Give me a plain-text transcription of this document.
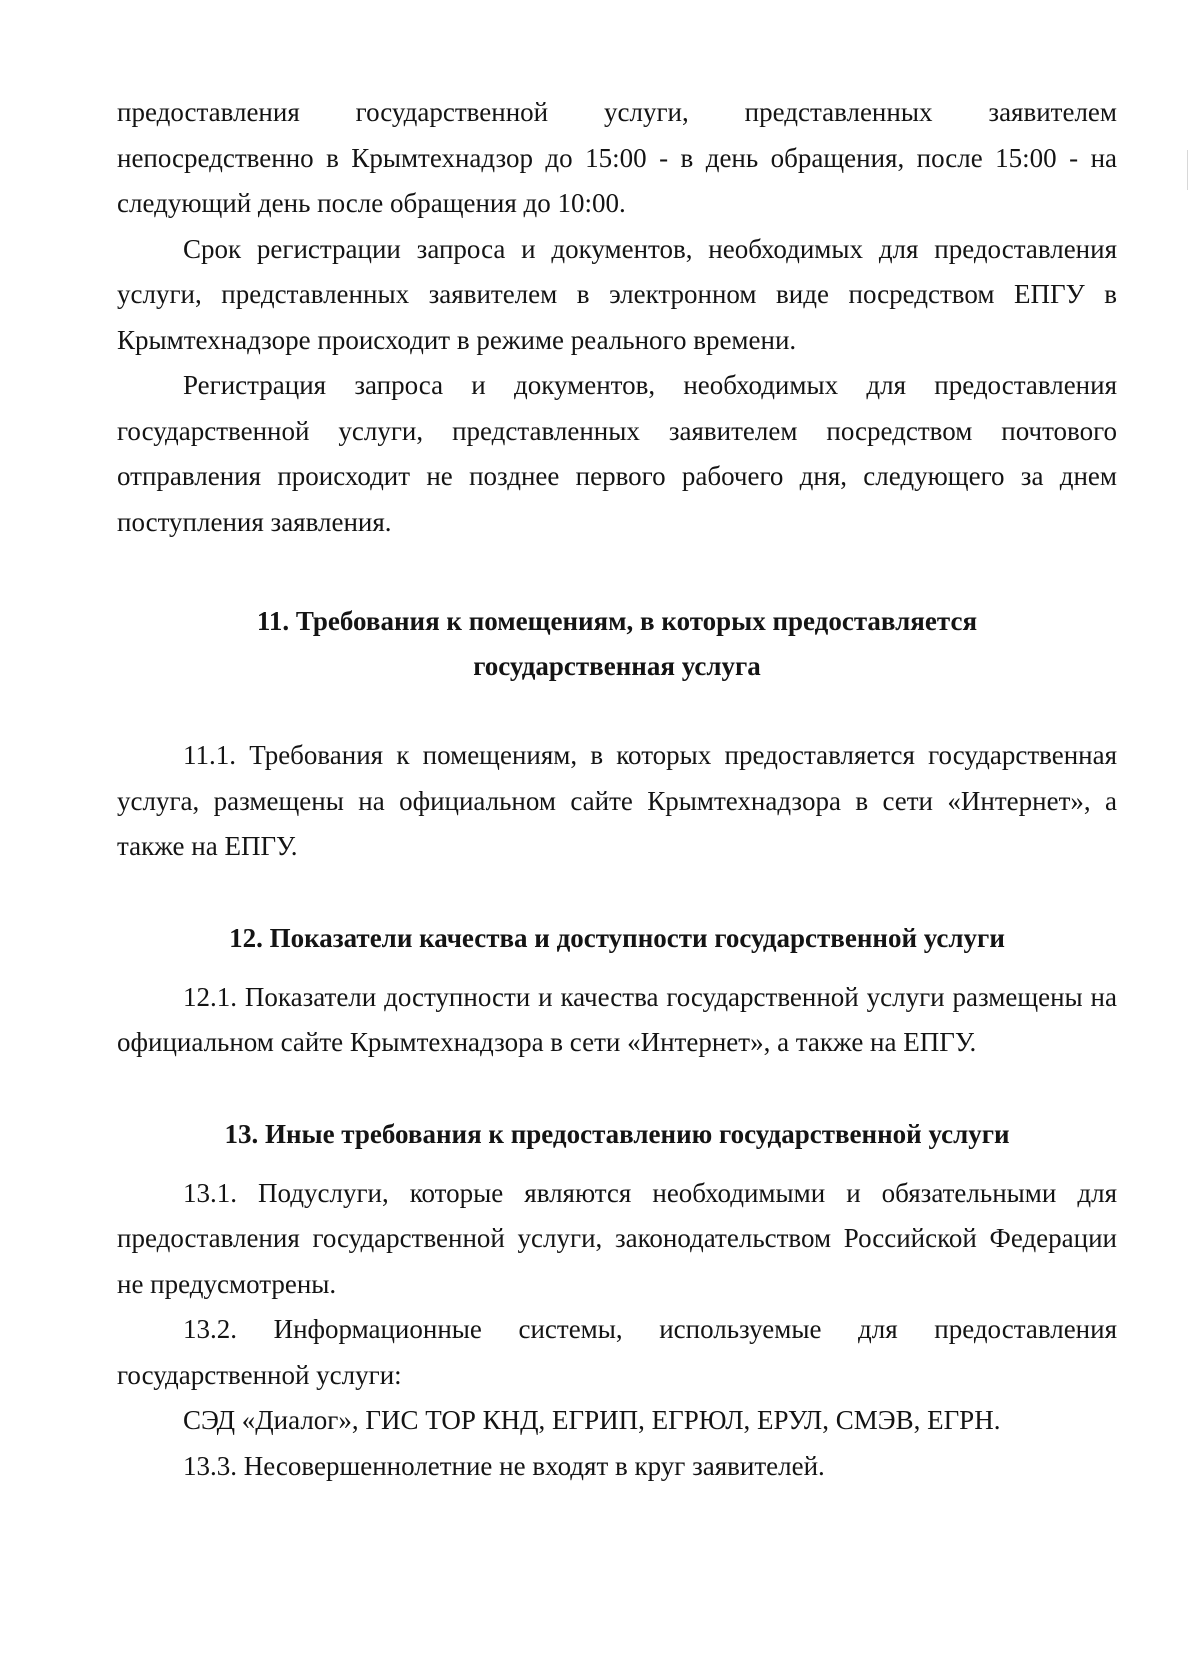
предоставления государственной услуги, представленных заявителем непосредственно в Крымтехнадзор до 15:00 - в день обращения, после 15:00 - на следующий день после обращения до 10:00.

Срок регистрации запроса и документов, необходимых для предоставления услуги, представленных заявителем в электронном виде посредством ЕПГУ в Крымтехнадзоре происходит в режиме реального времени.

Регистрация запроса и документов, необходимых для предоставления государственной услуги, представленных заявителем посредством почтового отправления происходит не позднее первого рабочего дня, следующего за днем поступления заявления.

11. Требования к помещениям, в которых предоставляется
государственная услуга

11.1. Требования к помещениям, в которых предоставляется государственная услуга, размещены на официальном сайте Крымтехнадзора в сети «Интернет», а также на ЕПГУ.

12. Показатели качества и доступности государственной услуги

12.1. Показатели доступности и качества государственной услуги размещены на официальном сайте Крымтехнадзора в сети «Интернет», а также на ЕПГУ.

13. Иные требования к предоставлению государственной услуги

13.1. Подуслуги, которые являются необходимыми и обязательными для предоставления государственной услуги, законодательством Российской Федерации не предусмотрены.

13.2. Информационные системы, используемые для предоставления государственной услуги:

СЭД «Диалог», ГИС ТОР КНД, ЕГРИП, ЕГРЮЛ, ЕРУЛ, СМЭВ, ЕГРН.

13.3. Несовершеннолетние не входят в круг заявителей.
